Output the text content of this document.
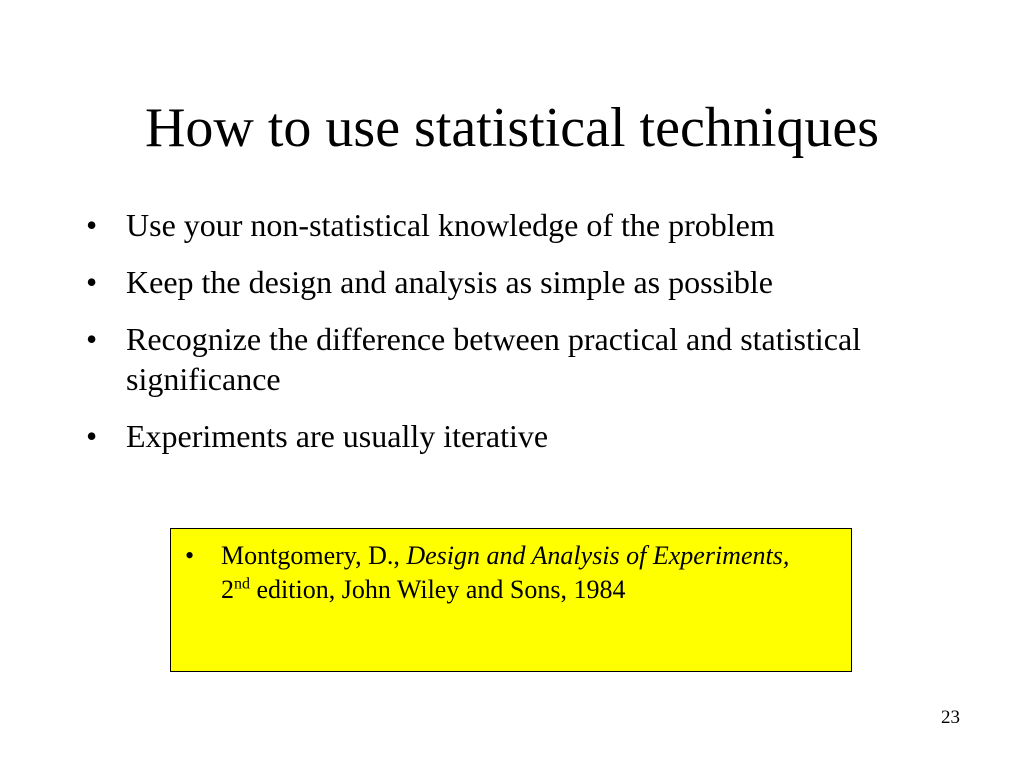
How to use statistical techniques
• Use your non-statistical knowledge of the problem
• Keep the design and analysis as simple as possible
• Recognize the difference between practical and statistical significance
• Experiments are usually iterative
• Montgomery, D., Design and Analysis of Experiments, 2nd edition, John Wiley and Sons, 1984
23
